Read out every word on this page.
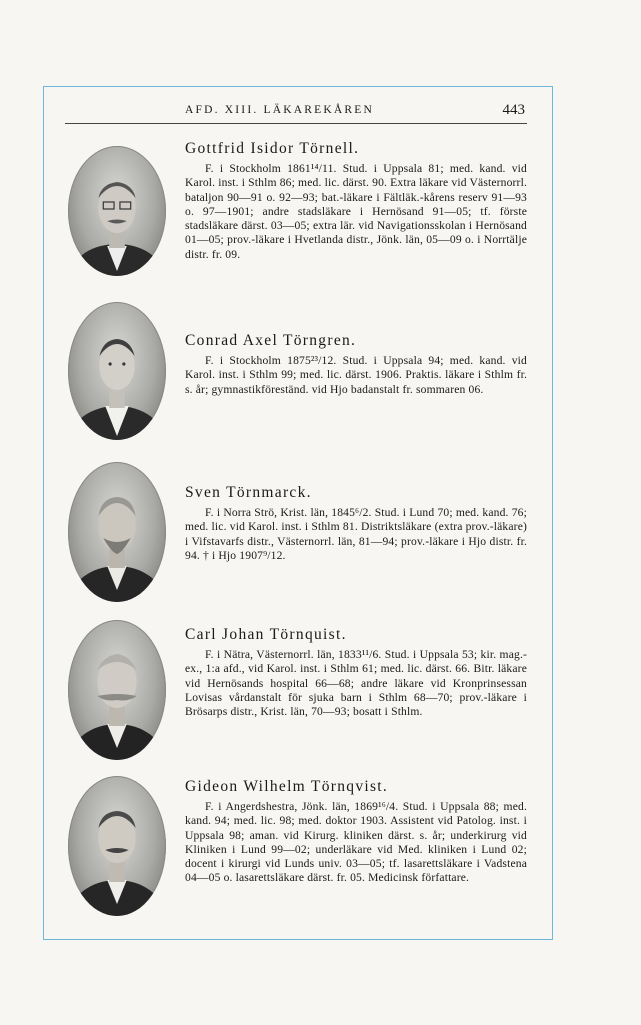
AFD. XIII. LÄKAREKÅREN	443

Gottfrid Isidor Törnell.

F. i Stockholm 1861¹⁴/11. Stud. i Uppsala 81; med. kand. vid Karol. inst. i Sthlm 86; med. lic. därst. 90. Extra läkare vid Västernorrl. bataljon 90—91 o. 92—93; bat.-läkare i Fältläk.-kårens reserv 91—93 o. 97—1901; andre stadsläkare i Hernösand 91—05; tf. förste stadsläkare därst. 03—05; extra lär. vid Navigationsskolan i Hernösand 01—05; prov.-läkare i Hvetlanda distr., Jönk. län, 05—09 o. i Norrtälje distr. fr. 09.

Conrad Axel Törngren.

F. i Stockholm 1875²³/12. Stud. i Uppsala 94; med. kand. vid Karol. inst. i Sthlm 99; med. lic. därst. 1906. Praktis. läkare i Sthlm fr. s. år; gymnastikföreständ. vid Hjo badanstalt fr. sommaren 06.

Sven Törnmarck.

F. i Norra Strö, Krist. län, 1845⁶/2. Stud. i Lund 70; med. kand. 76; med. lic. vid Karol. inst. i Sthlm 81. Distriktsläkare (extra prov.-läkare) i Vifstavarfs distr., Västernorrl. län, 81—94; prov.-läkare i Hjo distr. fr. 94. † i Hjo 1907⁹/12.

Carl Johan Törnquist.

F. i Nätra, Västernorrl. län, 1833¹¹/6. Stud. i Uppsala 53; kir. mag.-ex., 1:a afd., vid Karol. inst. i Sthlm 61; med. lic. därst. 66. Bitr. läkare vid Hernösands hospital 66—68; andre läkare vid Kronprinsessan Lovisas vårdanstalt för sjuka barn i Sthlm 68—70; prov.-läkare i Brösarps distr., Krist. län, 70—93; bosatt i Sthlm.

Gideon Wilhelm Törnqvist.

F. i Angerdshestra, Jönk. län, 1869¹⁶/4. Stud. i Uppsala 88; med. kand. 94; med. lic. 98; med. doktor 1903. Assistent vid Patolog. inst. i Uppsala 98; aman. vid Kirurg. kliniken därst. s. år; underkirurg vid Kliniken i Lund 99—02; underläkare vid Med. kliniken i Lund 02; docent i kirurgi vid Lunds univ. 03—05; tf. lasarettsläkare i Vadstena 04—05 o. lasarettsläkare därst. fr. 05. Medicinsk författare.
